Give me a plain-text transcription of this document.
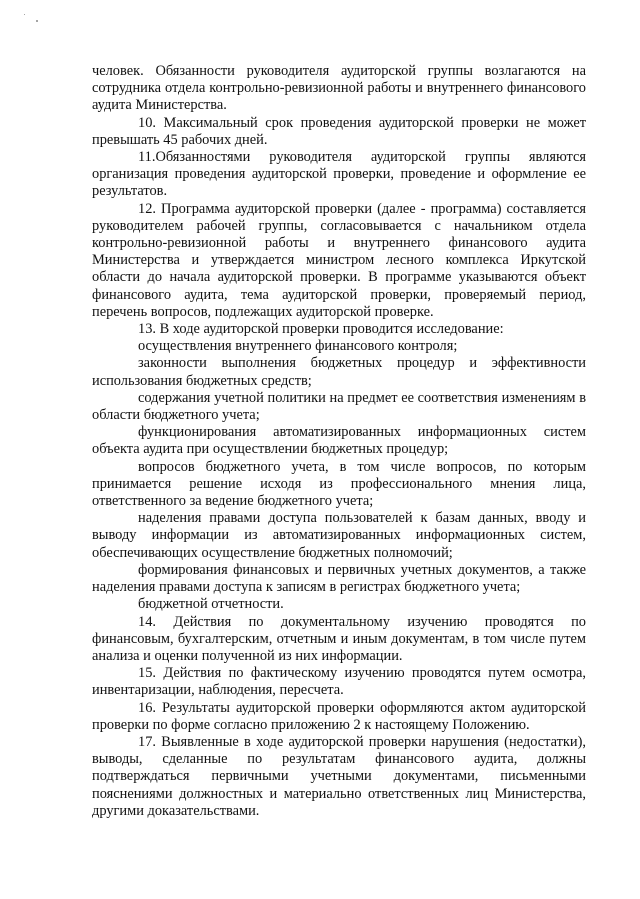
человек. Обязанности руководителя аудиторской группы возлагаются на сотрудника отдела контрольно-ревизионной работы и внутреннего финансового аудита Министерства.

10. Максимальный срок проведения аудиторской проверки не может превышать 45 рабочих дней.

11.Обязанностями руководителя аудиторской группы являются организация проведения аудиторской проверки, проведение и оформление ее результатов.

12. Программа аудиторской проверки (далее - программа) составляется руководителем рабочей группы, согласовывается с начальником отдела контрольно-ревизионной работы и внутреннего финансового аудита Министерства и утверждается министром лесного комплекса Иркутской области до начала аудиторской проверки. В программе указываются объект финансового аудита, тема аудиторской проверки, проверяемый период, перечень вопросов, подлежащих аудиторской проверке.

13. В ходе аудиторской проверки проводится исследование:

осуществления внутреннего финансового контроля;

законности выполнения бюджетных процедур и эффективности использования бюджетных средств;

содержания учетной политики на предмет ее соответствия изменениям в области бюджетного учета;

функционирования автоматизированных информационных систем объекта аудита при осуществлении бюджетных процедур;

вопросов бюджетного учета, в том числе вопросов, по которым принимается решение исходя из профессионального мнения лица, ответственного за ведение бюджетного учета;

наделения правами доступа пользователей к базам данных, вводу и выводу информации из автоматизированных информационных систем, обеспечивающих осуществление бюджетных полномочий;

формирования финансовых и первичных учетных документов, а также наделения правами доступа к записям в регистрах бюджетного учета;

бюджетной отчетности.

14. Действия по документальному изучению проводятся по финансовым, бухгалтерским, отчетным и иным документам, в том числе путем анализа и оценки полученной из них информации.

15. Действия по фактическому изучению проводятся путем осмотра, инвентаризации, наблюдения, пересчета.

16. Результаты аудиторской проверки оформляются актом аудиторской проверки по форме согласно приложению 2 к настоящему Положению.

17. Выявленные в ходе аудиторской проверки нарушения (недостатки), выводы, сделанные по результатам финансового аудита, должны подтверждаться первичными учетными документами, письменными пояснениями должностных и материально ответственных лиц Министерства, другими доказательствами.
